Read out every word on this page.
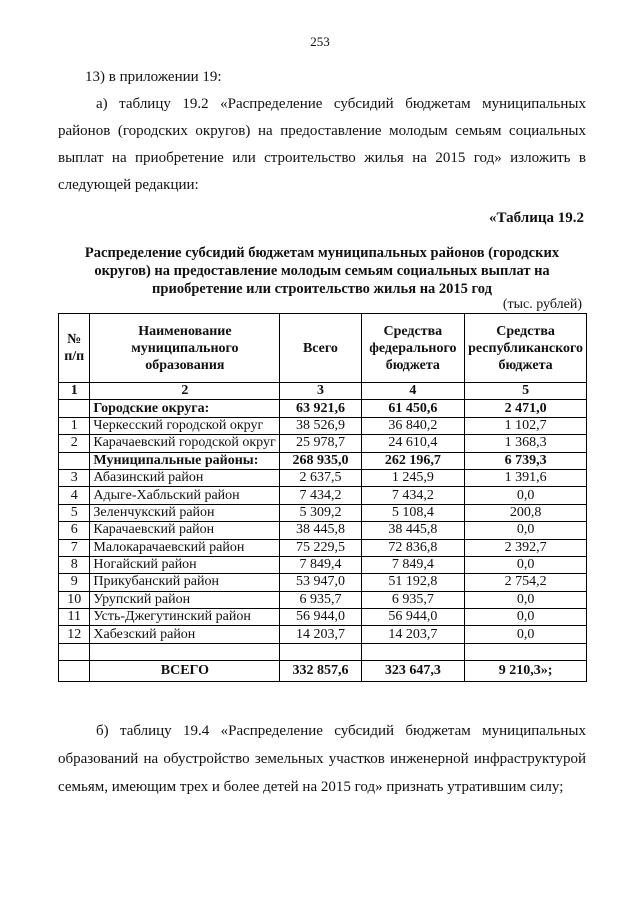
253
13) в приложении 19:
а) таблицу 19.2 «Распределение субсидий бюджетам муниципальных районов (городских округов) на предоставление молодым семьям социальных выплат на приобретение или строительство жилья на 2015 год» изложить в следующей редакции:
«Таблица 19.2
Распределение субсидий бюджетам муниципальных районов (городских округов) на предоставление молодым семьям социальных выплат на приобретение или строительство жилья на 2015 год
(тыс. рублей)
№ п/п	Наименование муниципального образования	Всего	Средства федерального бюджета	Средства республиканского бюджета
1	2	3	4	5
	Городские округа:	63 921,6	61 450,6	2 471,0
1	Черкесский городской округ	38 526,9	36 840,2	1 102,7
2	Карачаевский городской округ	25 978,7	24 610,4	1 368,3
	Муниципальные районы:	268 935,0	262 196,7	6 739,3
3	Абазинский район	2 637,5	1 245,9	1 391,6
4	Адыге-Хабльский район	7 434,2	7 434,2	0,0
5	Зеленчукский район	5 309,2	5 108,4	200,8
6	Карачаевский район	38 445,8	38 445,8	0,0
7	Малокарачаевский район	75 229,5	72 836,8	2 392,7
8	Ногайский район	7 849,4	7 849,4	0,0
9	Прикубанский район	53 947,0	51 192,8	2 754,2
10	Урупский район	6 935,7	6 935,7	0,0
11	Усть-Джегутинский район	56 944,0	56 944,0	0,0
12	Хабезский район	14 203,7	14 203,7	0,0

	ВСЕГО	332 857,6	323 647,3	9 210,3»;
б) таблицу 19.4 «Распределение субсидий бюджетам муниципальных образований на обустройство земельных участков инженерной инфраструктурой семьям, имеющим трех и более детей на 2015 год» признать утратившим силу;
